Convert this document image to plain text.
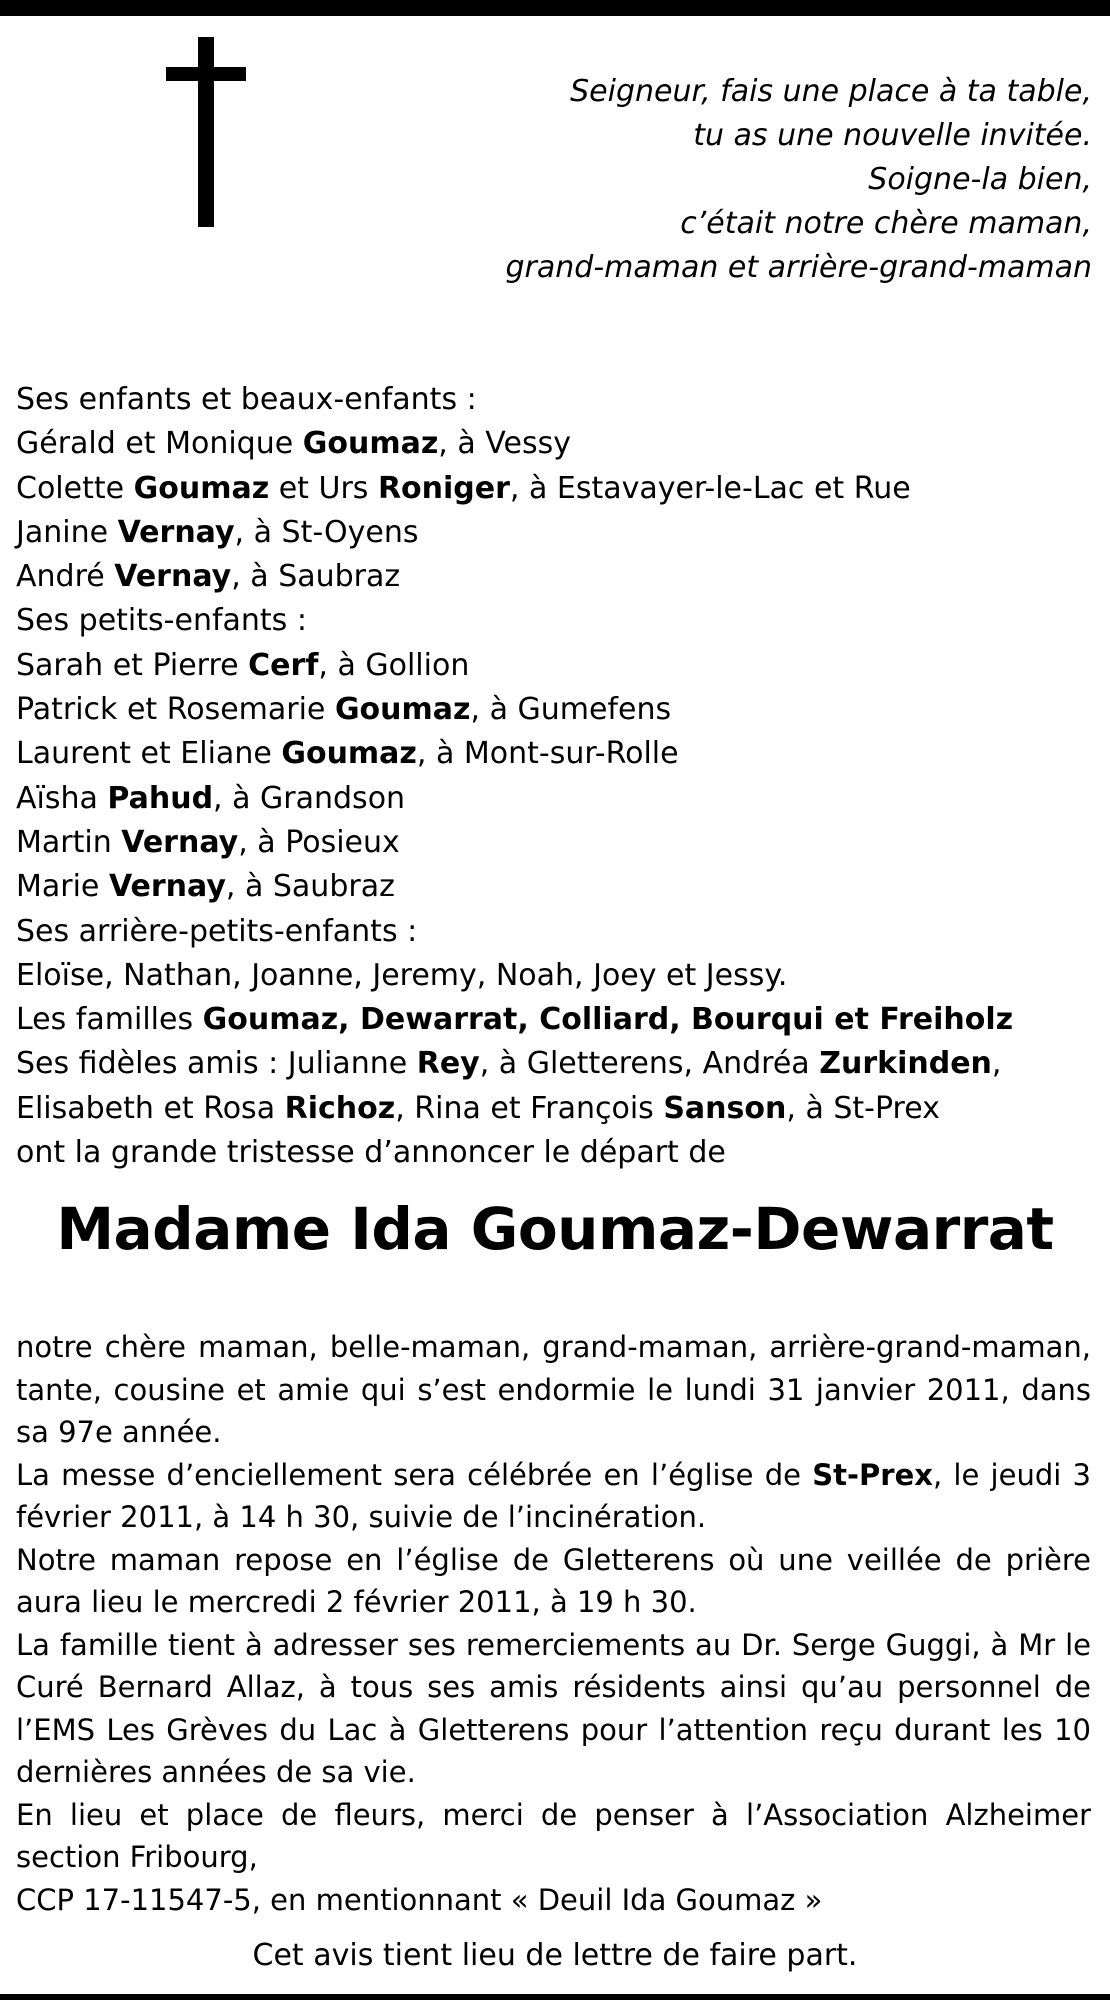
Seigneur, fais une place à ta table,
tu as une nouvelle invitée.
Soigne-la bien,
c’était notre chère maman,
grand-maman et arrière-grand-maman
Ses enfants et beaux-enfants :
Gérald et Monique Goumaz, à Vessy
Colette Goumaz et Urs Roniger, à Estavayer-le-Lac et Rue
Janine Vernay, à St-Oyens
André Vernay, à Saubraz
Ses petits-enfants :
Sarah et Pierre Cerf, à Gollion
Patrick et Rosemarie Goumaz, à Gumefens
Laurent et Eliane Goumaz, à Mont-sur-Rolle
Aïsha Pahud, à Grandson
Martin Vernay, à Posieux
Marie Vernay, à Saubraz
Ses arrière-petits-enfants :
Eloïse, Nathan, Joanne, Jeremy, Noah, Joey et Jessy.
Les familles Goumaz, Dewarrat, Colliard, Bourqui et Freiholz
Ses fidèles amis : Julianne Rey, à Gletterens, Andréa Zurkinden,
Elisabeth et Rosa Richoz, Rina et François Sanson, à St-Prex
ont la grande tristesse d’annoncer le départ de
Madame Ida Goumaz-Dewarrat

notre chère maman, belle-maman, grand-maman, arrière-grand-maman, tante, cousine et amie qui s’est endormie le lundi 31 janvier 2011, dans sa 97e année.

La messe d’enciellement sera célébrée en l’église de St-Prex, le jeudi 3 février 2011, à 14 h 30, suivie de l’incinération.

Notre maman repose en l’église de Gletterens où une veillée de prière aura lieu le mercredi 2 février 2011, à 19 h 30.

La famille tient à adresser ses remerciements au Dr. Serge Guggi, à Mr le Curé Bernard Allaz, à tous ses amis résidents ainsi qu’au personnel de l’EMS Les Grèves du Lac à Gletterens pour l’attention reçu durant les 10 dernières années de sa vie.

En lieu et place de fleurs, merci de penser à l’Association Alzheimer section Fribourg,

CCP 17-11547-5, en mentionnant « Deuil Ida Goumaz »

Cet avis tient lieu de lettre de faire part.
